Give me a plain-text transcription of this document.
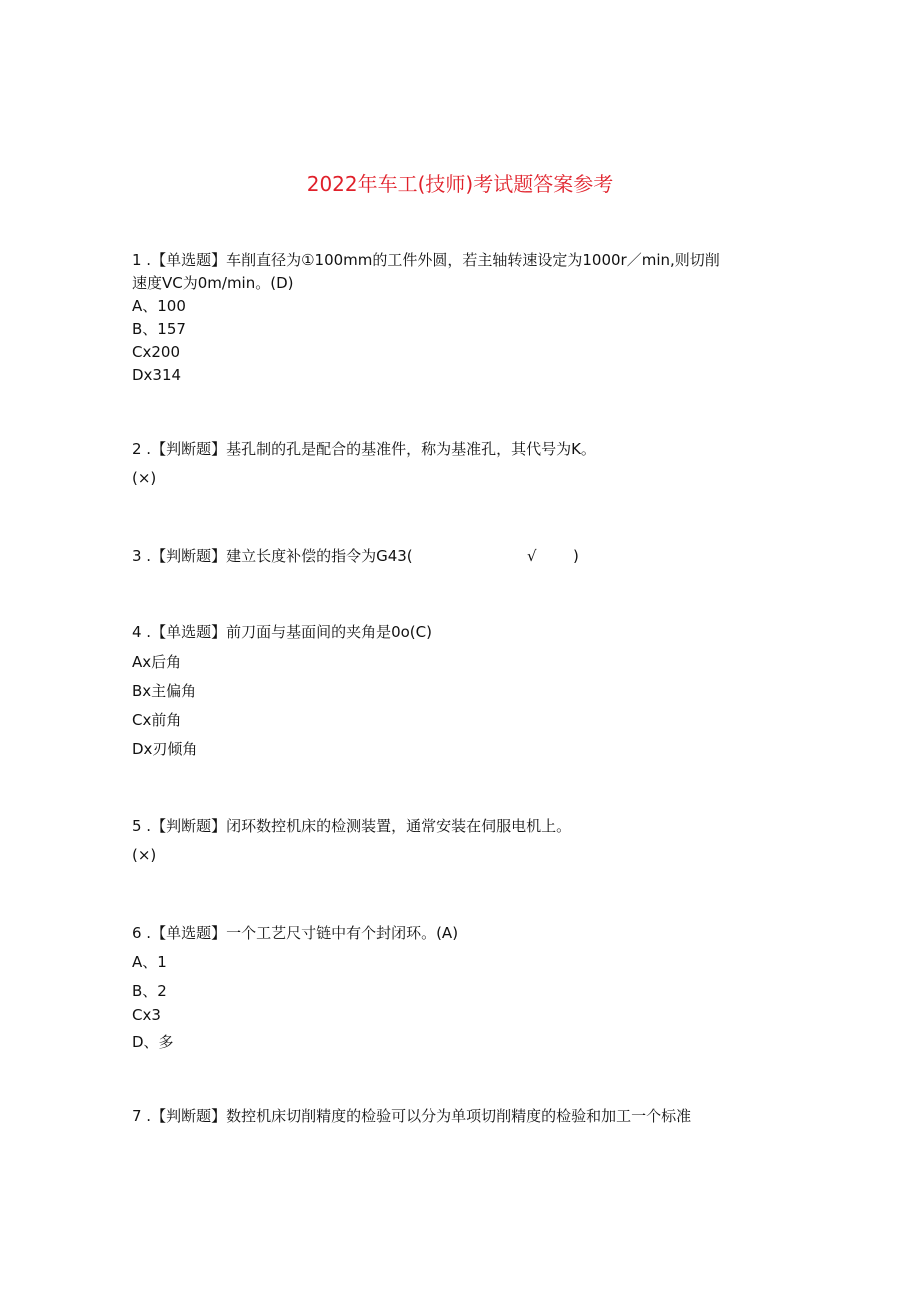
2022年车工(技师)考试题答案参考
1 .【单选题】车削直径为①100mm的工件外圆，若主轴转速设定为1000r／min,则切削
速度VC为0m/min。(D)
A、100
B、157
Cx200
Dx314
2 .【判断题】基孔制的孔是配合的基准件，称为基准孔，其代号为K。
(×)
3 .【判断题】建立长度补偿的指令为G43(	√ )
4 .【单选题】前刀面与基面间的夹角是0o(C)
Ax后角
Bx主偏角
Cx前角
Dx刃倾角
5 .【判断题】闭环数控机床的检测装置，通常安装在伺服电机上。
(×)
6 .【单选题】一个工艺尺寸链中有个封闭环。(A)
A、1
B、2
Cx3
D、多
7 .【判断题】数控机床切削精度的检验可以分为单项切削精度的检验和加工一个标准
